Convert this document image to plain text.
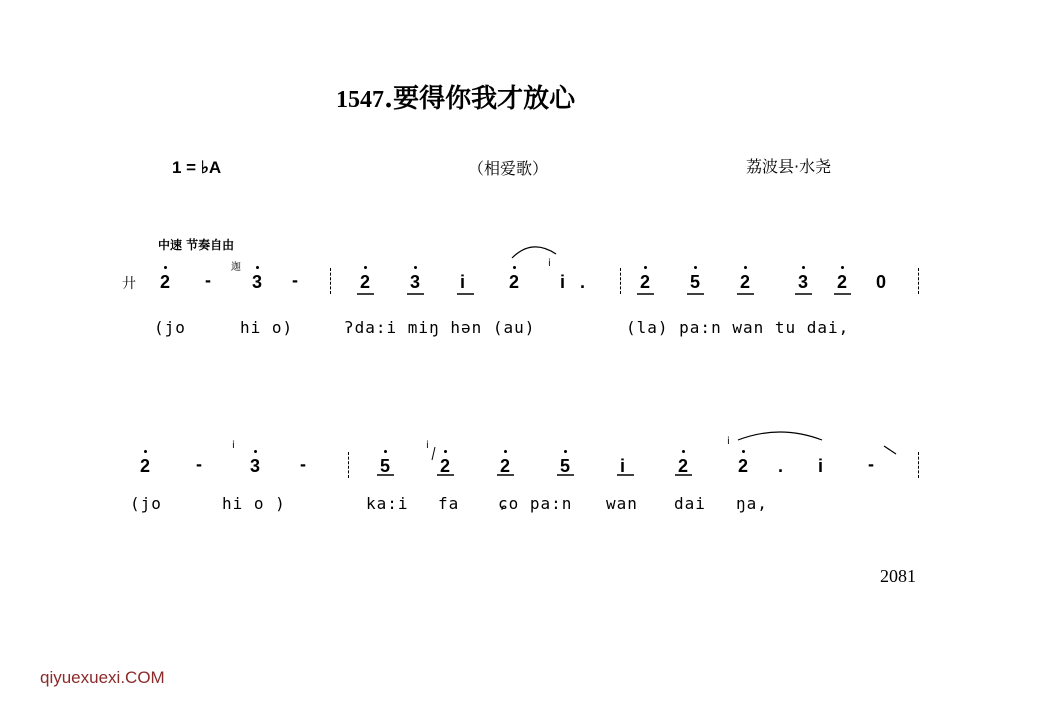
1547.要得你我才放心
1 = ♭A	（相爱歌）	荔波县·水尧
中速 节奏自由
廾
迦
2 - 3 -	2 3 i 2
i
i .	2 5 2	3 2 0
(jo	hi o)	ʔda:i miŋ hən (au)	(la) pa:n wan tu dai,
2	-
i
3 -	5
i
2	2	5	i	2
i
2 . i -
(jo	hi o )	ka:i fa ɕo pa:n wan dai ŋa,
2081
qiyuexuexi.COM
